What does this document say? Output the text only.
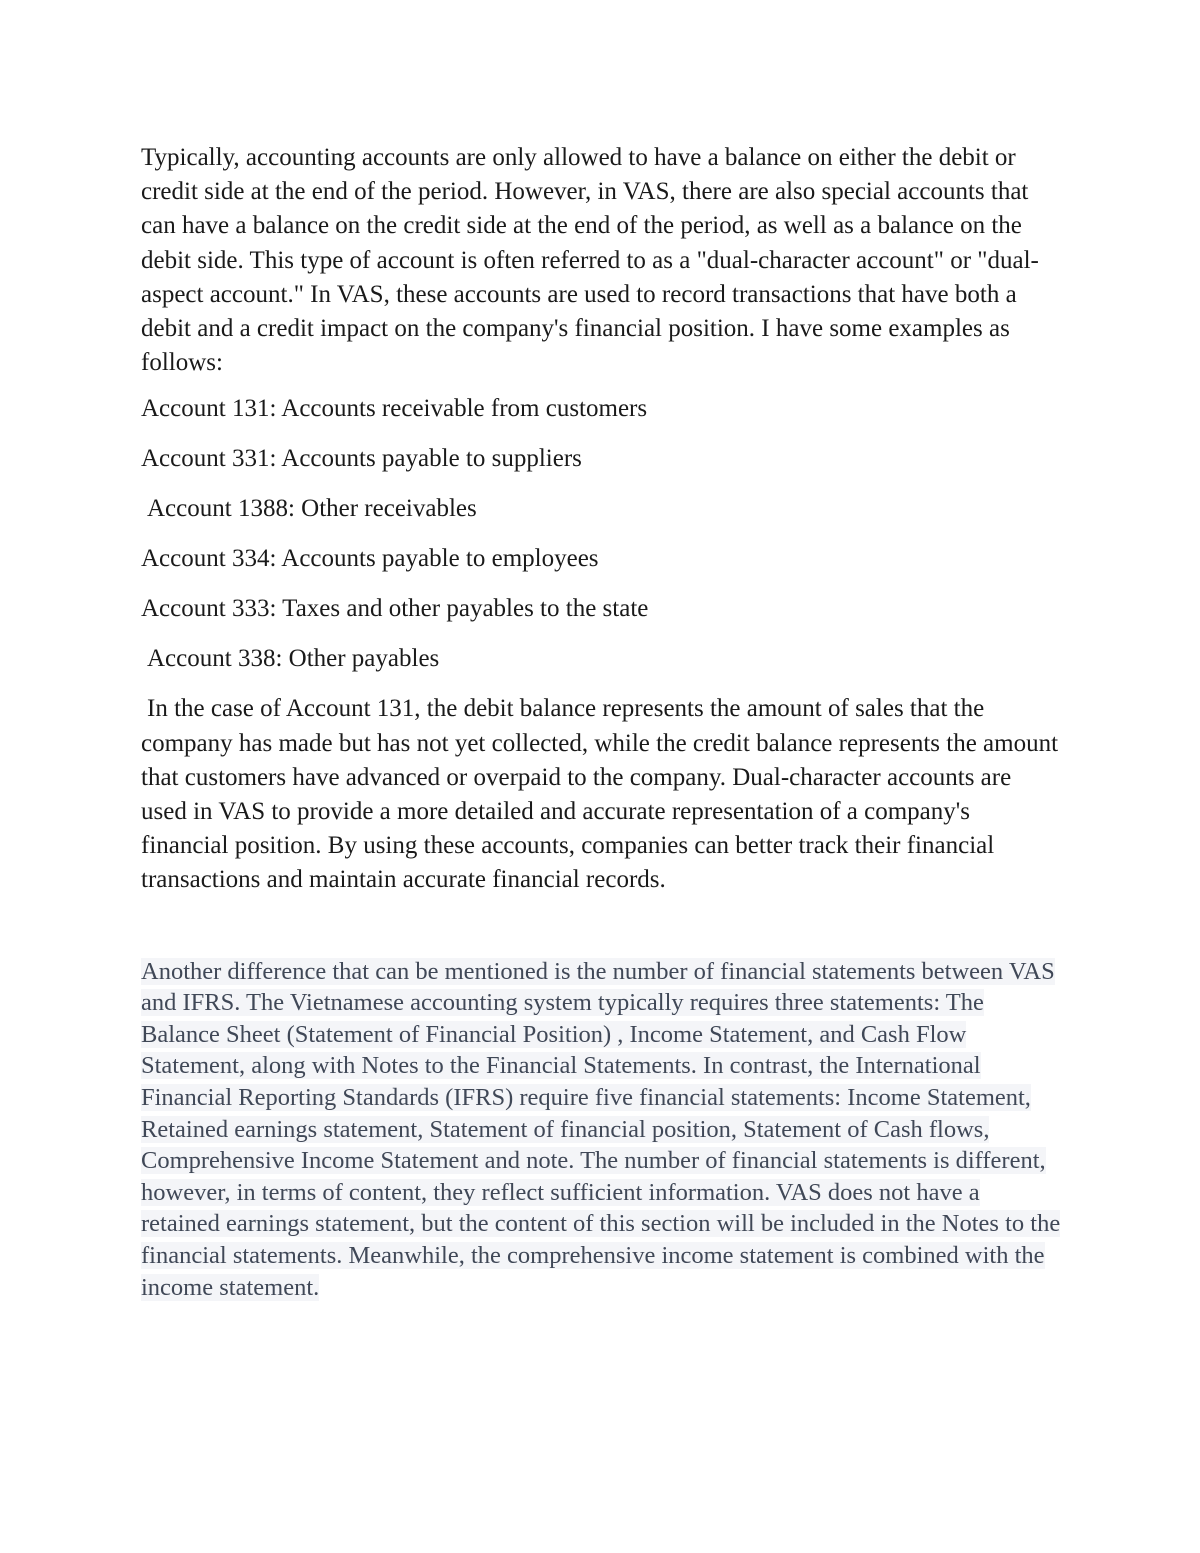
Typically, accounting accounts are only allowed to have a balance on either the debit or credit side at the end of the period. However, in VAS, there are also special accounts that can have a balance on the credit side at the end of the period, as well as a balance on the debit side. This type of account is often referred to as a "dual-character account" or "dual-aspect account." In VAS, these accounts are used to record transactions that have both a debit and a credit impact on the company's financial position. I have some examples as follows:

Account 131: Accounts receivable from customers
Account 331: Accounts payable to suppliers
Account 1388: Other receivables
Account 334: Accounts payable to employees
Account 333: Taxes and other payables to the state
Account 338: Other payables

In the case of Account 131, the debit balance represents the amount of sales that the company has made but has not yet collected, while the credit balance represents the amount that customers have advanced or overpaid to the company. Dual-character accounts are used in VAS to provide a more detailed and accurate representation of a company's financial position. By using these accounts, companies can better track their financial transactions and maintain accurate financial records.

Another difference that can be mentioned is the number of financial statements between VAS and IFRS. The Vietnamese accounting system typically requires three statements: The Balance Sheet (Statement of Financial Position) , Income Statement, and Cash Flow Statement, along with Notes to the Financial Statements. In contrast, the International Financial Reporting Standards (IFRS) require five financial statements: Income Statement, Retained earnings statement, Statement of financial position, Statement of Cash flows, Comprehensive Income Statement and note. The number of financial statements is different, however, in terms of content, they reflect sufficient information. VAS does not have a retained earnings statement, but the content of this section will be included in the Notes to the financial statements. Meanwhile, the comprehensive income statement is combined with the income statement.
